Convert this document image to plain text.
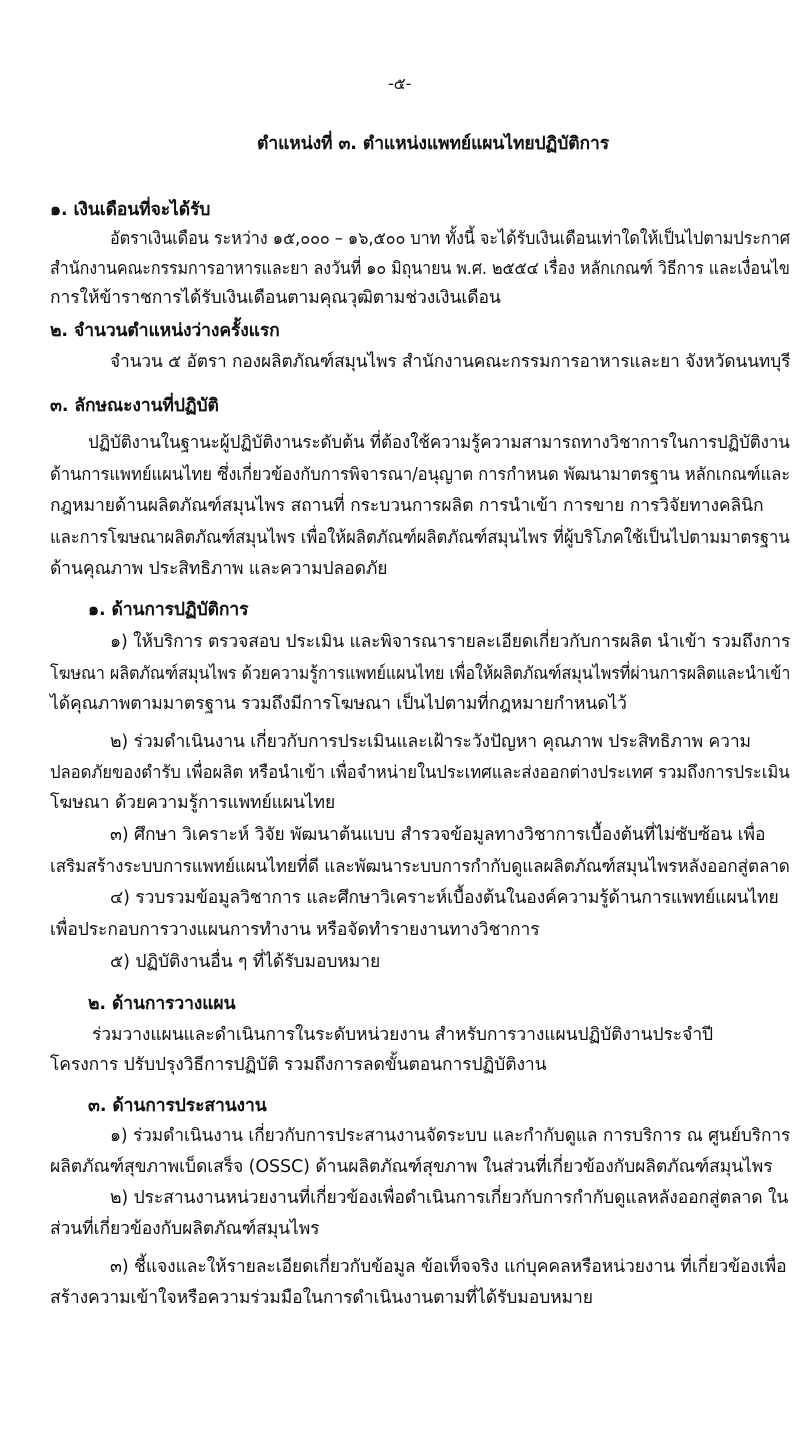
-๕-
ตำแหน่งที่ ๓. ตำแหน่งแพทย์แผนไทยปฏิบัติการ
๑. เงินเดือนที่จะได้รับ
อัตราเงินเดือน ระหว่าง ๑๕,๐๐๐ – ๑๖,๕๐๐ บาท ทั้งนี้ จะได้รับเงินเดือนเท่าใดให้เป็นไปตามประกาศ
สำนักงานคณะกรรมการอาหารและยา ลงวันที่ ๑๐ มิถุนายน พ.ศ. ๒๕๕๔ เรื่อง หลักเกณฑ์ วิธีการ และเงื่อนไข
การให้ข้าราชการได้รับเงินเดือนตามคุณวุฒิตามช่วงเงินเดือน
๒. จำนวนตำแหน่งว่างครั้งแรก
จำนวน ๕ อัตรา กองผลิตภัณฑ์สมุนไพร สำนักงานคณะกรรมการอาหารและยา จังหวัดนนทบุรี
๓. ลักษณะงานที่ปฏิบัติ
ปฏิบัติงานในฐานะผู้ปฏิบัติงานระดับต้น ที่ต้องใช้ความรู้ความสามารถทางวิชาการในการปฏิบัติงาน
ด้านการแพทย์แผนไทย ซึ่งเกี่ยวข้องกับการพิจารณา/อนุญาต การกำหนด พัฒนามาตรฐาน หลักเกณฑ์และ
กฎหมายด้านผลิตภัณฑ์สมุนไพร สถานที่ กระบวนการผลิต การนำเข้า การขาย การวิจัยทางคลินิก
และการโฆษณาผลิตภัณฑ์สมุนไพร เพื่อให้ผลิตภัณฑ์ผลิตภัณฑ์สมุนไพร ที่ผู้บริโภคใช้เป็นไปตามมาตรฐาน
ด้านคุณภาพ ประสิทธิภาพ และความปลอดภัย
๑. ด้านการปฏิบัติการ
๑) ให้บริการ ตรวจสอบ ประเมิน และพิจารณารายละเอียดเกี่ยวกับการผลิต นำเข้า รวมถึงการ
โฆษณา ผลิตภัณฑ์สมุนไพร ด้วยความรู้การแพทย์แผนไทย เพื่อให้ผลิตภัณฑ์สมุนไพรที่ผ่านการผลิตและนำเข้า
ได้คุณภาพตามมาตรฐาน รวมถึงมีการโฆษณา เป็นไปตามที่กฎหมายกำหนดไว้
๒) ร่วมดำเนินงาน เกี่ยวกับการประเมินและเฝ้าระวังปัญหา คุณภาพ ประสิทธิภาพ ความ
ปลอดภัยของตำรับ เพื่อผลิต หรือนำเข้า เพื่อจำหน่ายในประเทศและส่งออกต่างประเทศ รวมถึงการประเมิน
โฆษณา ด้วยความรู้การแพทย์แผนไทย
๓) ศึกษา วิเคราะห์ วิจัย พัฒนาต้นแบบ สำรวจข้อมูลทางวิชาการเบื้องต้นที่ไม่ซับซ้อน เพื่อ
เสริมสร้างระบบการแพทย์แผนไทยที่ดี และพัฒนาระบบการกำกับดูแลผลิตภัณฑ์สมุนไพรหลังออกสู่ตลาด
๔) รวบรวมข้อมูลวิชาการ และศึกษาวิเคราะห์เบื้องต้นในองค์ความรู้ด้านการแพทย์แผนไทย
เพื่อประกอบการวางแผนการทำงาน หรือจัดทำรายงานทางวิชาการ
๕) ปฏิบัติงานอื่น ๆ ที่ได้รับมอบหมาย
๒. ด้านการวางแผน
ร่วมวางแผนและดำเนินการในระดับหน่วยงาน สำหรับการวางแผนปฏิบัติงานประจำปี
โครงการ ปรับปรุงวิธีการปฏิบัติ รวมถึงการลดขั้นตอนการปฏิบัติงาน
๓. ด้านการประสานงาน
๑) ร่วมดำเนินงาน เกี่ยวกับการประสานงานจัดระบบ และกำกับดูแล การบริการ ณ ศูนย์บริการ
ผลิตภัณฑ์สุขภาพเบ็ดเสร็จ (OSSC) ด้านผลิตภัณฑ์สุขภาพ ในส่วนที่เกี่ยวข้องกับผลิตภัณฑ์สมุนไพร
๒) ประสานงานหน่วยงานที่เกี่ยวข้องเพื่อดำเนินการเกี่ยวกับการกำกับดูแลหลังออกสู่ตลาด ใน
ส่วนที่เกี่ยวข้องกับผลิตภัณฑ์สมุนไพร
๓) ชี้แจงและให้รายละเอียดเกี่ยวกับข้อมูล ข้อเท็จจริง แก่บุคคลหรือหน่วยงาน ที่เกี่ยวข้องเพื่อ
สร้างความเข้าใจหรือความร่วมมือในการดำเนินงานตามที่ได้รับมอบหมาย
